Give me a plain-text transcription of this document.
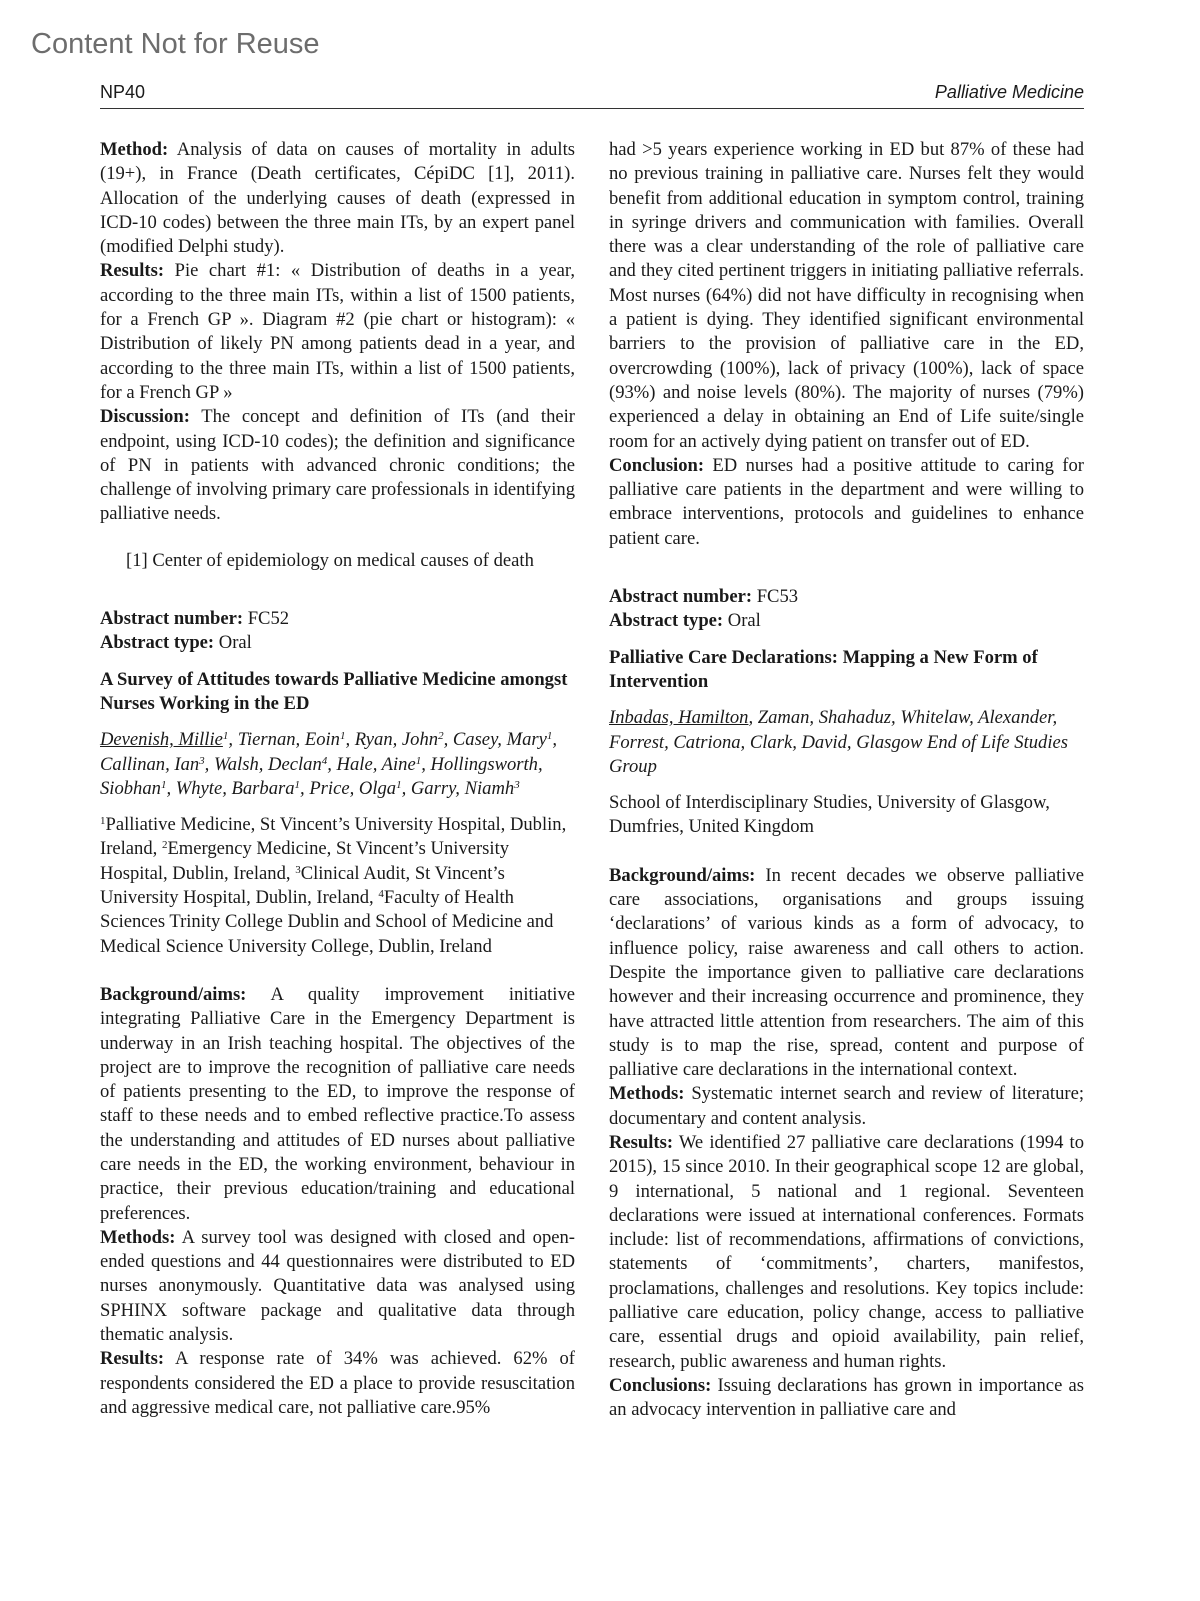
Content Not for Reuse
NP40	Palliative Medicine

Method: Analysis of data on causes of mortality in adults (19+), in France (Death certificates, CépiDC [1], 2011). Allocation of the underlying causes of death (expressed in ICD-10 codes) between the three main ITs, by an expert panel (modified Delphi study).

Results: Pie chart #1: « Distribution of deaths in a year, according to the three main ITs, within a list of 1500 patients, for a French GP ». Diagram #2 (pie chart or histogram): « Distribution of likely PN among patients dead in a year, and according to the three main ITs, within a list of 1500 patients, for a French GP »

Discussion: The concept and definition of ITs (and their endpoint, using ICD-10 codes); the definition and significance of PN in patients with advanced chronic conditions; the challenge of involving primary care professionals in identifying palliative needs.

[1] Center of epidemiology on medical causes of death

Abstract number: FC52

Abstract type: Oral

A Survey of Attitudes towards Palliative Medicine amongst Nurses Working in the ED

Devenish, Millie$^1$, Tiernan, Eoin$^1$, Ryan, John$^2$, Casey, Mary$^1$, Callinan, Ian$^3$, Walsh, Declan$^4$, Hale, Aine$^1$, Hollingsworth, Siobhan$^1$, Whyte, Barbara$^1$, Price, Olga$^1$, Garry, Niamh$^3$

$^1$Palliative Medicine, St Vincent’s University Hospital, Dublin, Ireland, $^2$Emergency Medicine, St Vincent’s University Hospital, Dublin, Ireland, $^3$Clinical Audit, St Vincent’s University Hospital, Dublin, Ireland, $^4$Faculty of Health Sciences Trinity College Dublin and School of Medicine and Medical Science University College, Dublin, Ireland

Background/aims: A quality improvement initiative integrating Palliative Care in the Emergency Department is underway in an Irish teaching hospital. The objectives of the project are to improve the recognition of palliative care needs of patients presenting to the ED, to improve the response of staff to these needs and to embed reflective practice.To assess the understanding and attitudes of ED nurses about palliative care needs in the ED, the working environment, behaviour in practice, their previous education/training and educational preferences.

Methods: A survey tool was designed with closed and open-ended questions and 44 questionnaires were distributed to ED nurses anonymously. Quantitative data was analysed using SPHINX software package and qualitative data through thematic analysis.

Results: A response rate of 34% was achieved. 62% of respondents considered the ED a place to provide resuscitation and aggressive medical care, not palliative care.95%

had >5 years experience working in ED but 87% of these had no previous training in palliative care. Nurses felt they would benefit from additional education in symptom control, training in syringe drivers and communication with families. Overall there was a clear understanding of the role of palliative care and they cited pertinent triggers in initiating palliative referrals. Most nurses (64%) did not have difficulty in recognising when a patient is dying. They identified significant environmental barriers to the provision of palliative care in the ED, overcrowding (100%), lack of privacy (100%), lack of space (93%) and noise levels (80%). The majority of nurses (79%) experienced a delay in obtaining an End of Life suite/single room for an actively dying patient on transfer out of ED.

Conclusion: ED nurses had a positive attitude to caring for palliative care patients in the department and were willing to embrace interventions, protocols and guidelines to enhance patient care.

Abstract number: FC53

Abstract type: Oral

Palliative Care Declarations: Mapping a New Form of Intervention

Inbadas, Hamilton, Zaman, Shahaduz, Whitelaw, Alexander, Forrest, Catriona, Clark, David, Glasgow End of Life Studies Group

School of Interdisciplinary Studies, University of Glasgow, Dumfries, United Kingdom

Background/aims: In recent decades we observe palliative care associations, organisations and groups issuing ‘declarations’ of various kinds as a form of advocacy, to influence policy, raise awareness and call others to action. Despite the importance given to palliative care declarations however and their increasing occurrence and prominence, they have attracted little attention from researchers. The aim of this study is to map the rise, spread, content and purpose of palliative care declarations in the international context.

Methods: Systematic internet search and review of literature; documentary and content analysis.

Results: We identified 27 palliative care declarations (1994 to 2015), 15 since 2010. In their geographical scope 12 are global, 9 international, 5 national and 1 regional. Seventeen declarations were issued at international conferences. Formats include: list of recommendations, affirmations of convictions, statements of ‘commitments’, charters, manifestos, proclamations, challenges and resolutions. Key topics include: palliative care education, policy change, access to palliative care, essential drugs and opioid availability, pain relief, research, public awareness and human rights.

Conclusions: Issuing declarations has grown in importance as an advocacy intervention in palliative care and
